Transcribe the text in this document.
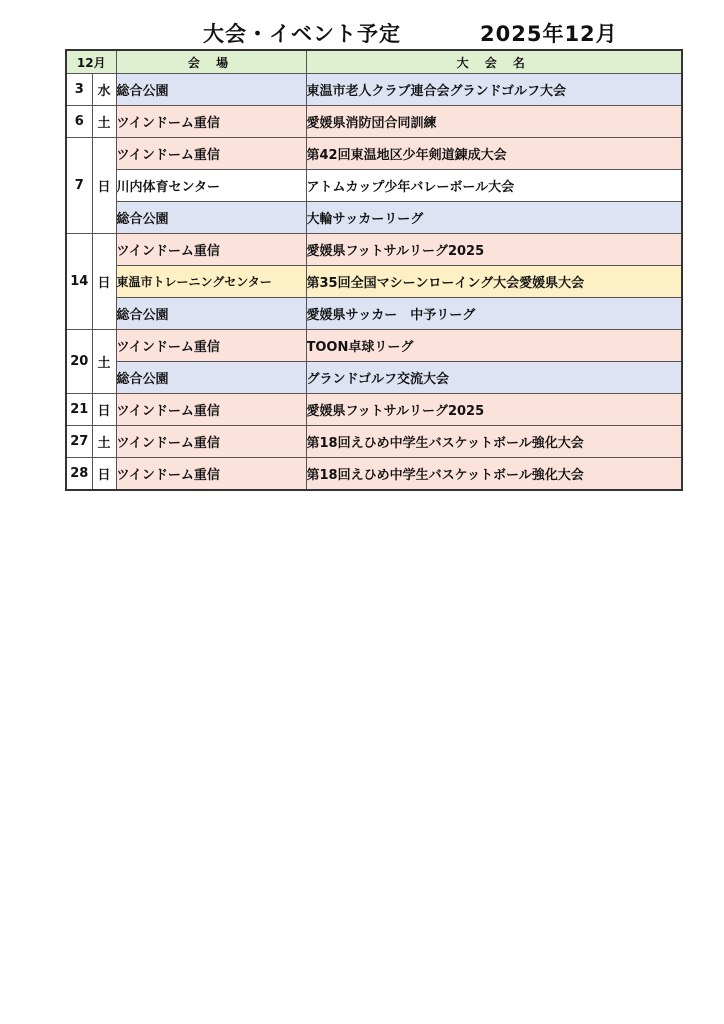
大会・イベント予定	2025年12月
12月		会 場	大 会 名
3	水	総合公園	東温市老人クラブ連合会グランドゴルフ大会
6	土	ツインドーム重信	愛媛県消防団合同訓練
7	日	ツインドーム重信	第42回東温地区少年剣道錬成大会
		川内体育センター	アトムカップ少年バレーボール大会
		総合公園	大輪サッカーリーグ
14	日	ツインドーム重信	愛媛県フットサルリーグ2025
		東温市トレーニングセンター	第35回全国マシーンローイング大会愛媛県大会
		総合公園	愛媛県サッカー　中予リーグ
20	土	ツインドーム重信	TOON卓球リーグ
		総合公園	グランドゴルフ交流大会
21	日	ツインドーム重信	愛媛県フットサルリーグ2025
27	土	ツインドーム重信	第18回えひめ中学生バスケットボール強化大会
28	日	ツインドーム重信	第18回えひめ中学生バスケットボール強化大会
